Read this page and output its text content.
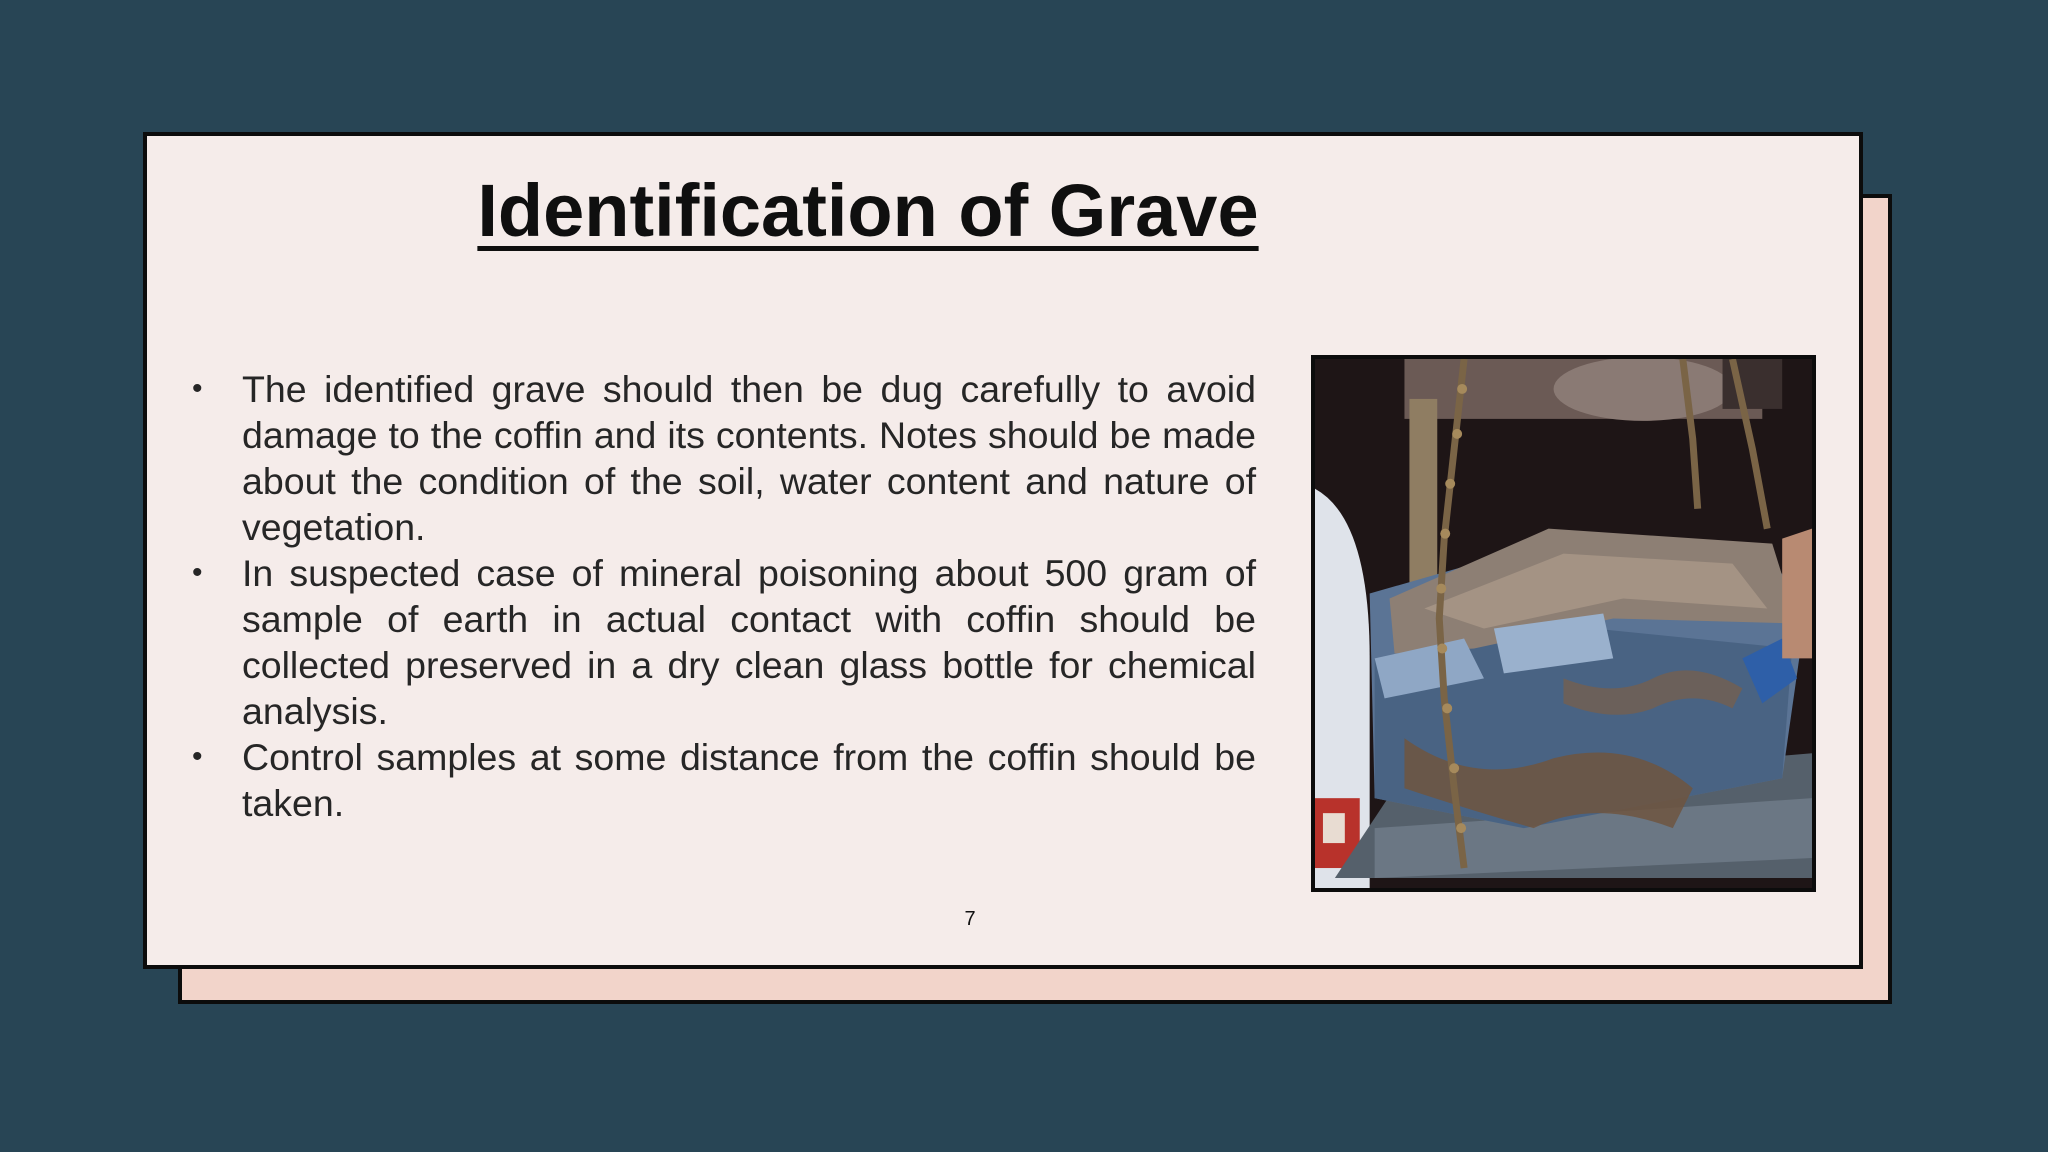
Identification of Grave
•	The identified grave should then be dug carefully to avoid damage to the coffin and its contents. Notes should be made about the condition of the soil, water content and nature of vegetation.
•	In suspected case of mineral poisoning about 500 gram of sample of earth in actual contact with coffin should be collected preserved in a dry clean glass bottle for chemical analysis.
•	Control samples at some distance from the coffin should be taken.
7
